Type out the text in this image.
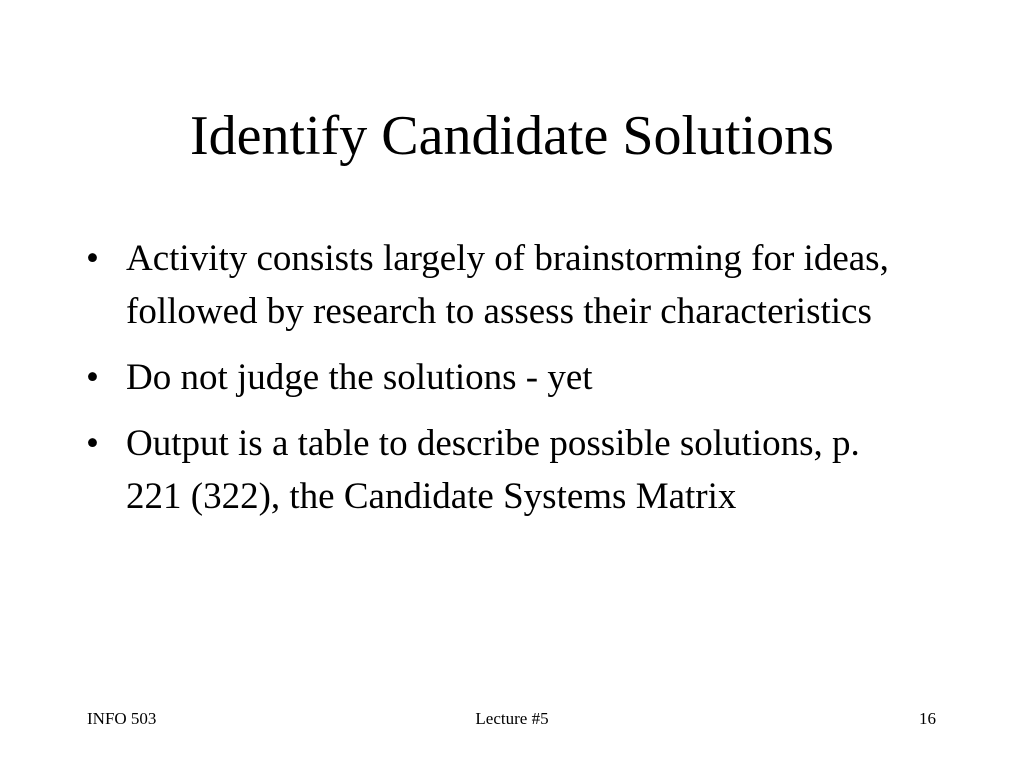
Identify Candidate Solutions
• Activity consists largely of brainstorming for ideas, followed by research to assess their characteristics
• Do not judge the solutions - yet
• Output is a table to describe possible solutions, p. 221 (322), the Candidate Systems Matrix
INFO 503	Lecture #5	16
